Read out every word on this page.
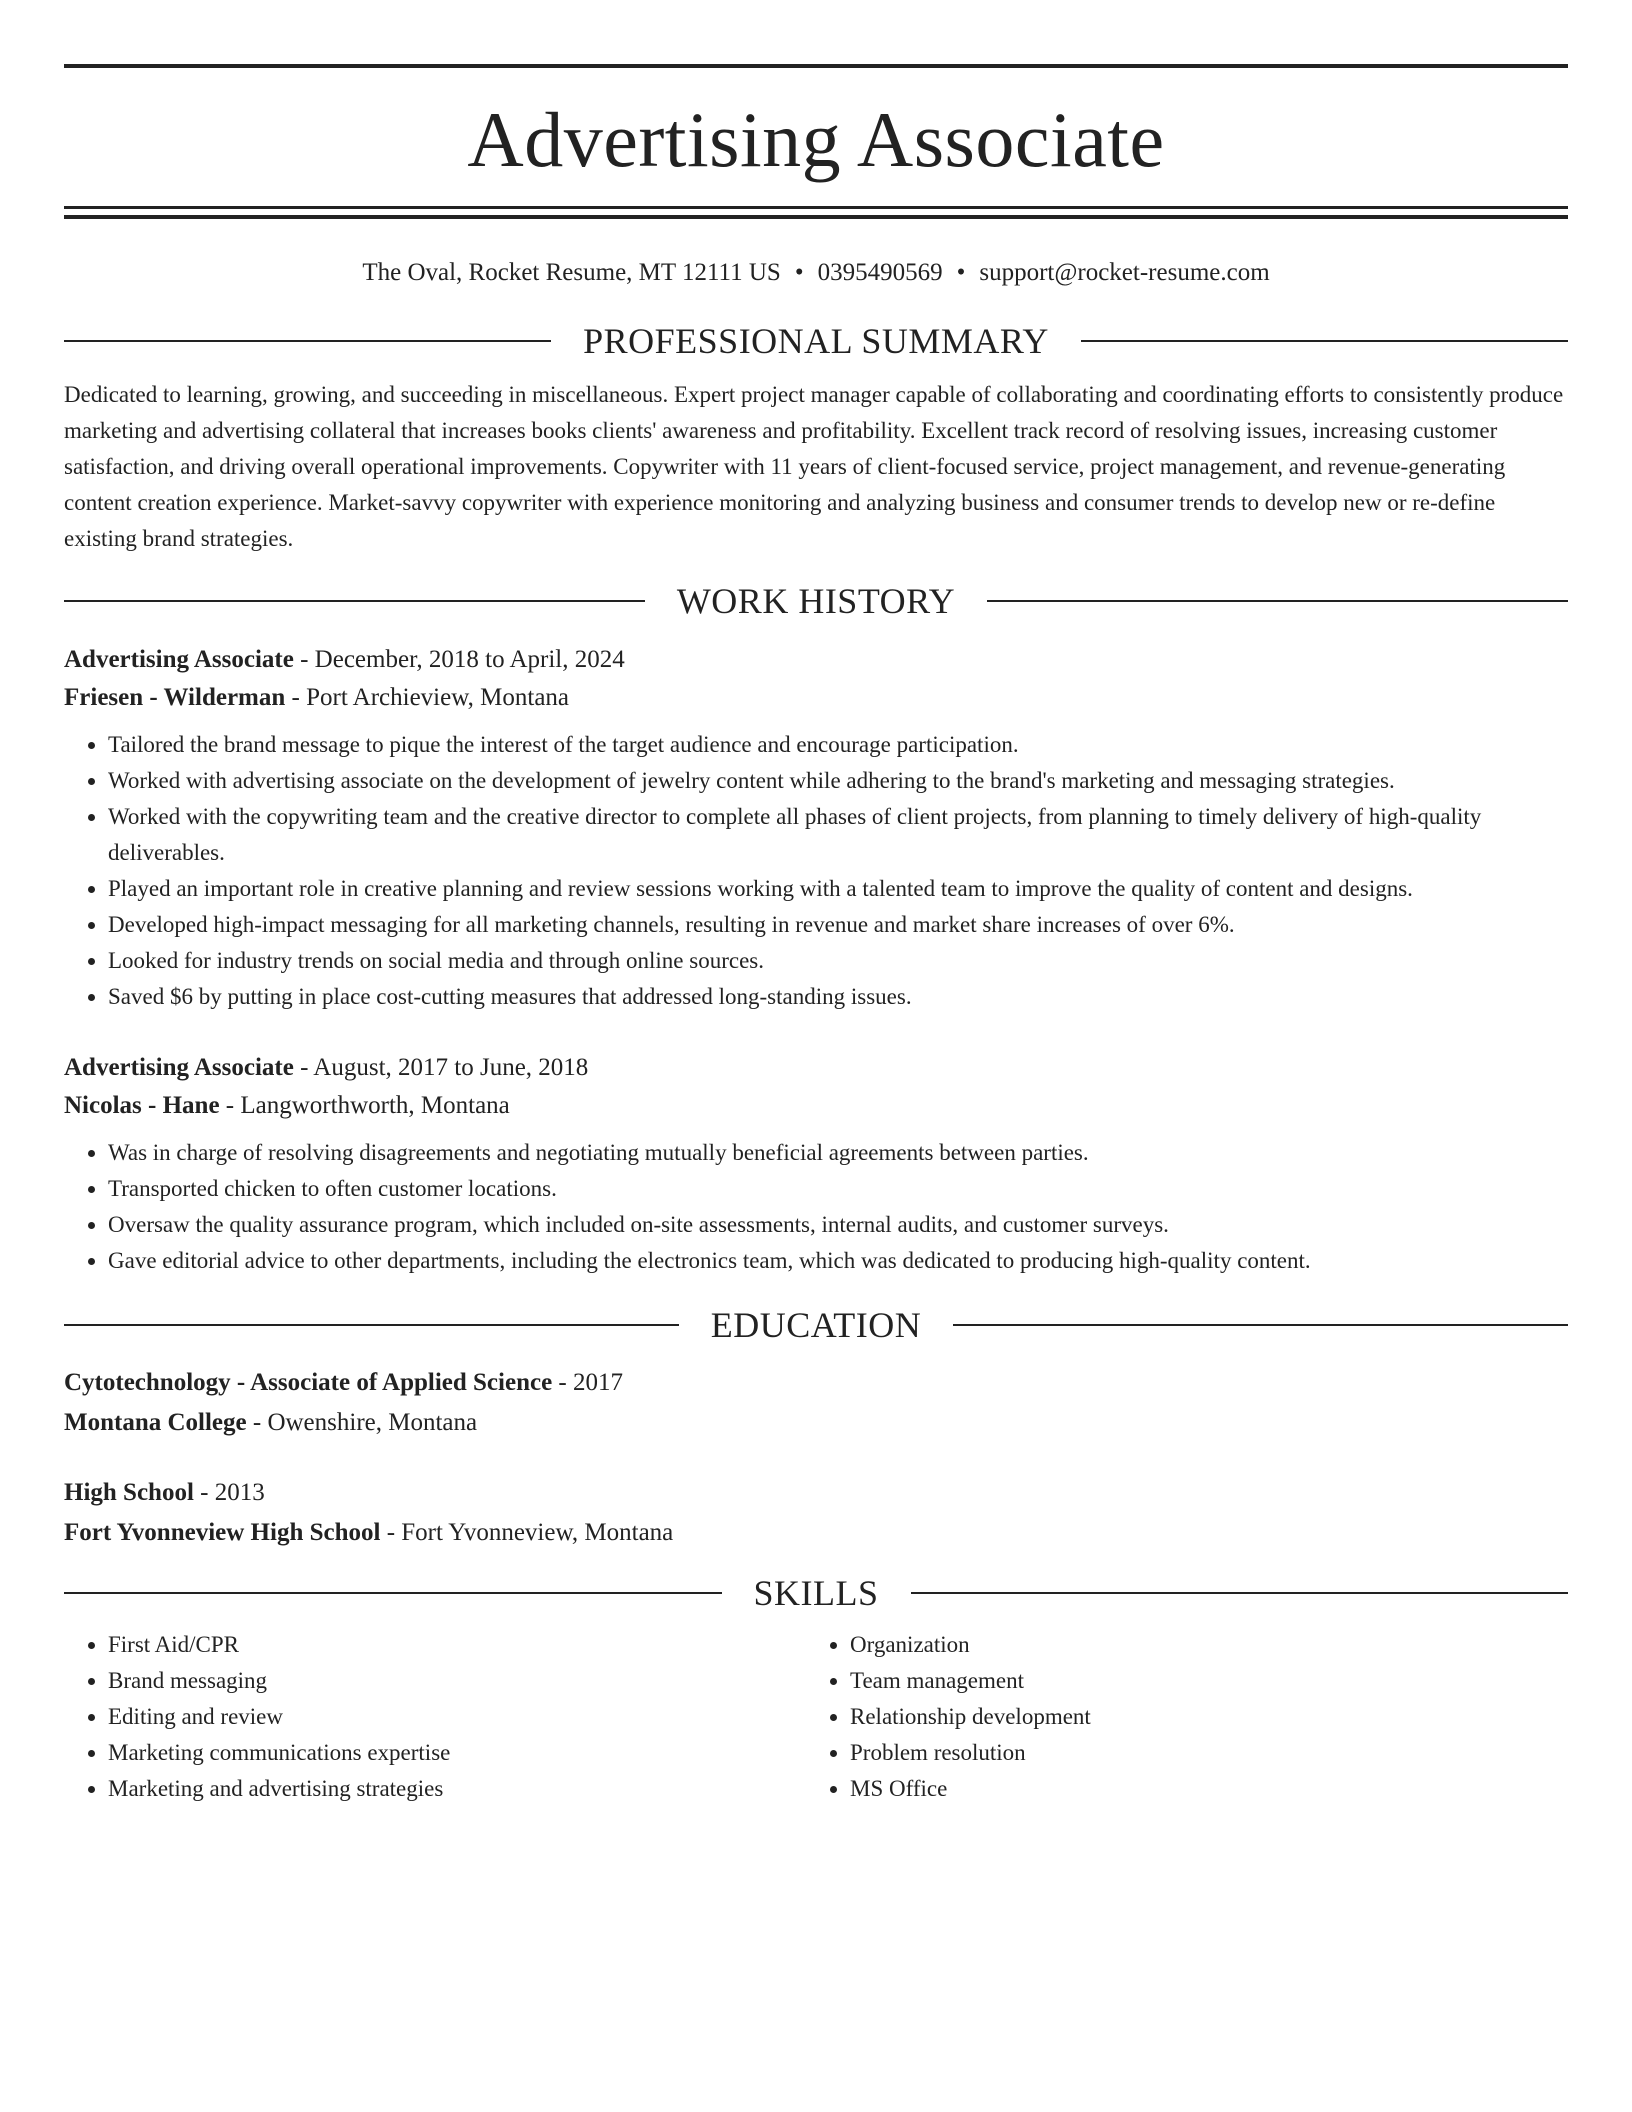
Advertising Associate
The Oval, Rocket Resume, MT 12111 US • 0395490569 • support@rocket-resume.com
PROFESSIONAL SUMMARY

Dedicated to learning, growing, and succeeding in miscellaneous. Expert project manager capable of collaborating and coordinating efforts to consistently produce marketing and advertising collateral that increases books clients' awareness and profitability. Excellent track record of resolving issues, increasing customer satisfaction, and driving overall operational improvements. Copywriter with 11 years of client-focused service, project management, and revenue-generating content creation experience. Market-savvy copywriter with experience monitoring and analyzing business and consumer trends to develop new or re-define existing brand strategies.

WORK HISTORY
Advertising Associate - December, 2018 to April, 2024
Friesen - Wilderman - Port Archieview, Montana
• Tailored the brand message to pique the interest of the target audience and encourage participation.
• Worked with advertising associate on the development of jewelry content while adhering to the brand's marketing and messaging strategies.
• Worked with the copywriting team and the creative director to complete all phases of client projects, from planning to timely delivery of high-quality deliverables.
• Played an important role in creative planning and review sessions working with a talented team to improve the quality of content and designs.
• Developed high-impact messaging for all marketing channels, resulting in revenue and market share increases of over 6%.
• Looked for industry trends on social media and through online sources.
• Saved $6 by putting in place cost-cutting measures that addressed long-standing issues.
Advertising Associate - August, 2017 to June, 2018
Nicolas - Hane - Langworthworth, Montana
• Was in charge of resolving disagreements and negotiating mutually beneficial agreements between parties.
• Transported chicken to often customer locations.
• Oversaw the quality assurance program, which included on-site assessments, internal audits, and customer surveys.
• Gave editorial advice to other departments, including the electronics team, which was dedicated to producing high-quality content.
EDUCATION
Cytotechnology - Associate of Applied Science - 2017
Montana College - Owenshire, Montana
High School - 2013
Fort Yvonneview High School - Fort Yvonneview, Montana
SKILLS
• First Aid/CPR
• Brand messaging
• Editing and review
• Marketing communications expertise
• Marketing and advertising strategies
• Organization
• Team management
• Relationship development
• Problem resolution
• MS Office
